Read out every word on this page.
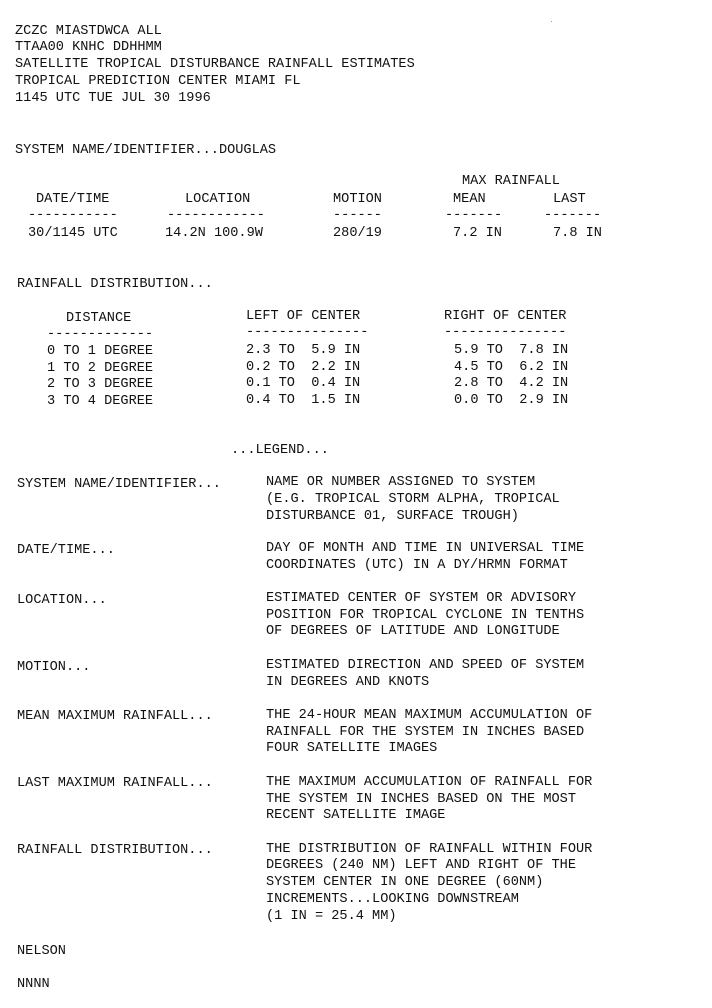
ZCZC MIASTDWCA ALL
TTAA00 KNHC DDHHMM
SATELLITE TROPICAL DISTURBANCE RAINFALL ESTIMATES
TROPICAL PREDICTION CENTER MIAMI FL
1145 UTC TUE JUL 30 1996
SYSTEM NAME/IDENTIFIER...DOUGLAS
MAX RAINFALL
DATE/TIME	LOCATION	MOTION	MEAN	LAST
-----------	------------	------	-------	-------
30/1145 UTC	14.2N 100.9W	280/19	7.2 IN	7.8 IN
RAINFALL DISTRIBUTION...
DISTANCE	LEFT OF CENTER	RIGHT OF CENTER
-------------	---------------	---------------
0 TO 1 DEGREE	2.3 TO  5.9 IN	5.9 TO  7.8 IN
1 TO 2 DEGREE	0.2 TO  2.2 IN	4.5 TO  6.2 IN
2 TO 3 DEGREE	0.1 TO  0.4 IN	2.8 TO  4.2 IN
3 TO 4 DEGREE	0.4 TO  1.5 IN	0.0 TO  2.9 IN
...LEGEND...
SYSTEM NAME/IDENTIFIER...	NAME OR NUMBER ASSIGNED TO SYSTEM
(E.G. TROPICAL STORM ALPHA, TROPICAL
DISTURBANCE 01, SURFACE TROUGH)
DATE/TIME...	DAY OF MONTH AND TIME IN UNIVERSAL TIME
COORDINATES (UTC) IN A DY/HRMN FORMAT
LOCATION...	ESTIMATED CENTER OF SYSTEM OR ADVISORY
POSITION FOR TROPICAL CYCLONE IN TENTHS
OF DEGREES OF LATITUDE AND LONGITUDE
MOTION...	ESTIMATED DIRECTION AND SPEED OF SYSTEM
IN DEGREES AND KNOTS
MEAN MAXIMUM RAINFALL...	THE 24-HOUR MEAN MAXIMUM ACCUMULATION OF
RAINFALL FOR THE SYSTEM IN INCHES BASED
FOUR SATELLITE IMAGES
LAST MAXIMUM RAINFALL...	THE MAXIMUM ACCUMULATION OF RAINFALL FOR
THE SYSTEM IN INCHES BASED ON THE MOST
RECENT SATELLITE IMAGE
RAINFALL DISTRIBUTION...	THE DISTRIBUTION OF RAINFALL WITHIN FOUR
DEGREES (240 NM) LEFT AND RIGHT OF THE
SYSTEM CENTER IN ONE DEGREE (60NM)
INCREMENTS...LOOKING DOWNSTREAM
(1 IN = 25.4 MM)
NELSON
NNNN
